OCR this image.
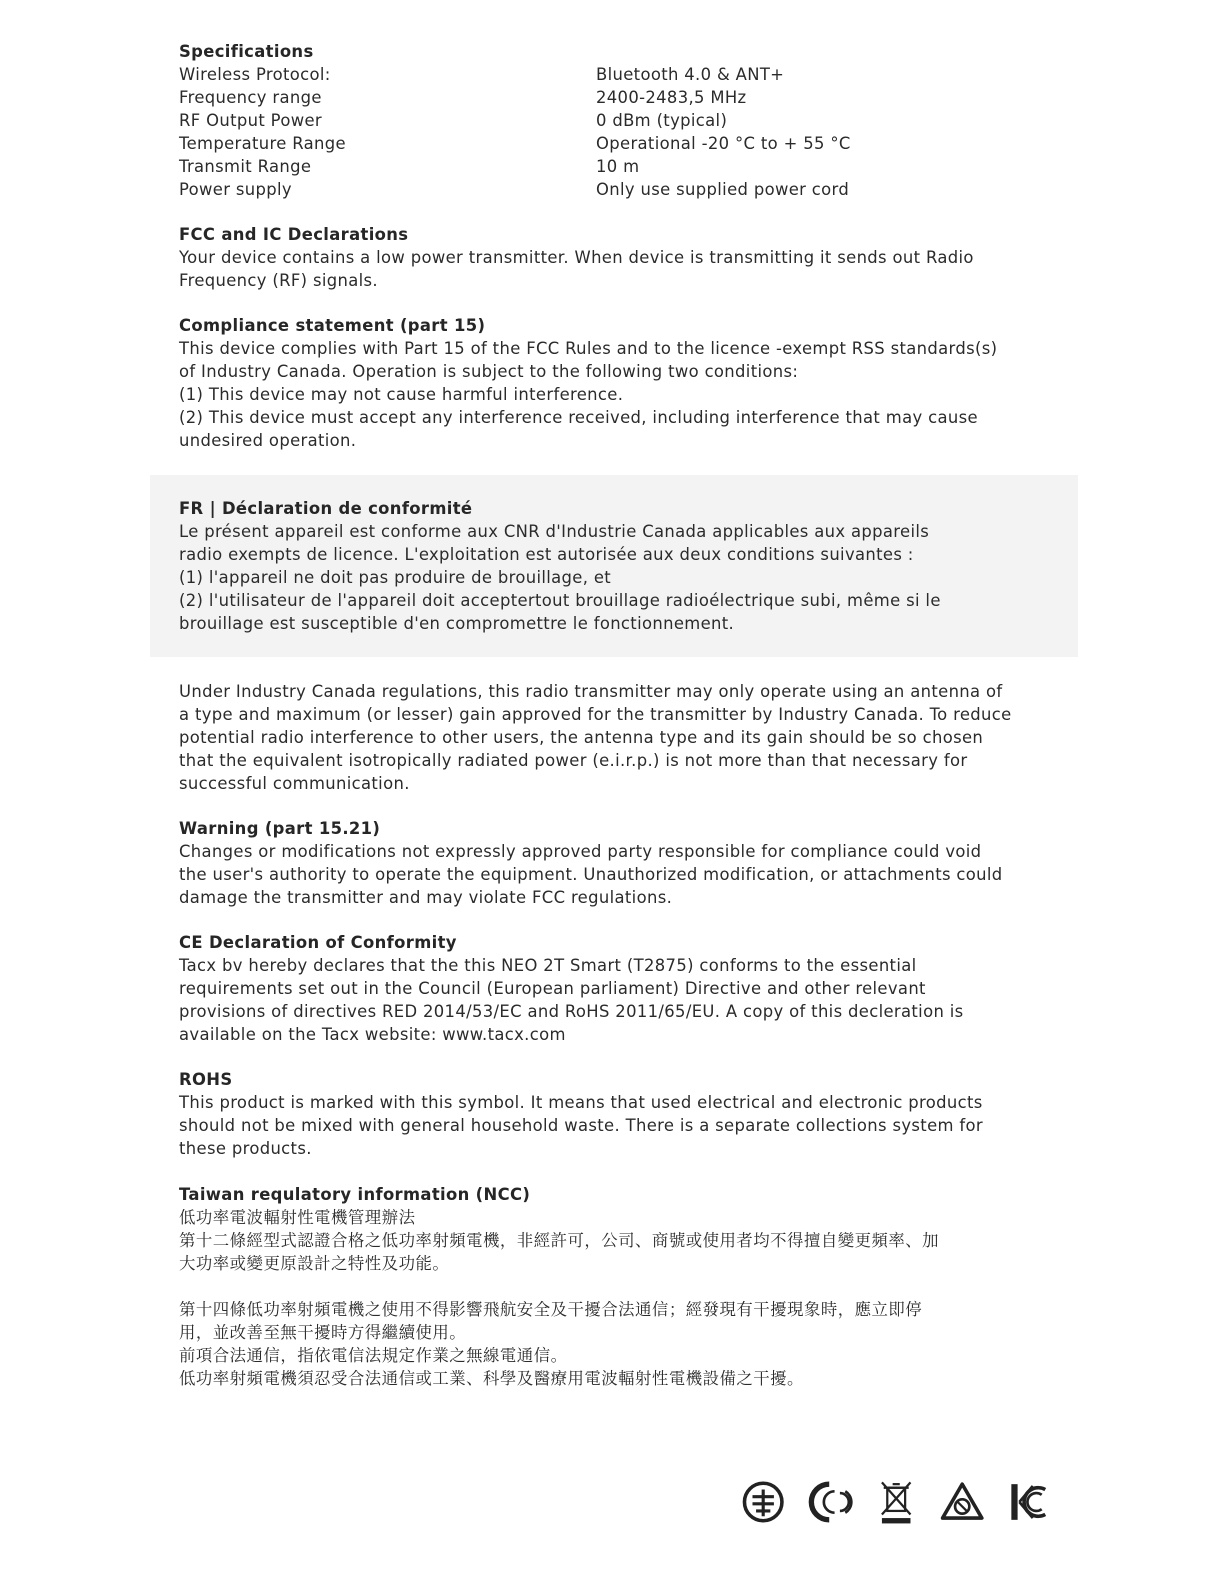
Specifications
Wireless Protocol:	Bluetooth 4.0 & ANT+
Frequency range	2400-2483,5 MHz
RF Output Power	0 dBm (typical)
Temperature Range	Operational -20 °C to + 55 °C
Transmit Range	10 m
Power supply	Only use supplied power cord
FCC and IC Declarations
Your device contains a low power transmitter. When device is transmitting it sends out Radio
Frequency (RF) signals.
Compliance statement (part 15)
This device complies with Part 15 of the FCC Rules and to the licence -exempt RSS standards(s)
of Industry Canada. Operation is subject to the following two conditions:
(1) This device may not cause harmful interference.
(2) This device must accept any interference received, including interference that may cause
undesired operation.
FR | Déclaration de conformité
Le présent appareil est conforme aux CNR d'Industrie Canada applicables aux appareils
radio exempts de licence. L'exploitation est autorisée aux deux conditions suivantes :
(1) l'appareil ne doit pas produire de brouillage, et
(2) l'utilisateur de l'appareil doit acceptertout brouillage radioélectrique subi, même si le
brouillage est susceptible d'en compromettre le fonctionnement.
Under Industry Canada regulations, this radio transmitter may only operate using an antenna of
a type and maximum (or lesser) gain approved for the transmitter by Industry Canada. To reduce
potential radio interference to other users, the antenna type and its gain should be so chosen
that the equivalent isotropically radiated power (e.i.r.p.) is not more than that necessary for
successful communication.
Warning (part 15.21)
Changes or modifications not expressly approved party responsible for compliance could void
the user's authority to operate the equipment. Unauthorized modification, or attachments could
damage the transmitter and may violate FCC regulations.
CE Declaration of Conformity
Tacx bv hereby declares that the this NEO 2T Smart (T2875) conforms to the essential
requirements set out in the Council (European parliament) Directive and other relevant
provisions of directives RED 2014/53/EC and RoHS 2011/65/EU. A copy of this decleration is
available on the Tacx website: www.tacx.com
ROHS
This product is marked with this symbol. It means that used electrical and electronic products
should not be mixed with general household waste. There is a separate collections system for
these products.
Taiwan requlatory information (NCC)
低功率電波輻射性電機管理辦法
第十二條經型式認證合格之低功率射頻電機，非經許可，公司、商號或使用者均不得擅自變更頻率、加
大功率或變更原設計之特性及功能。
第十四條低功率射頻電機之使用不得影響飛航安全及干擾合法通信；經發現有干擾現象時，應立即停
用，並改善至無干擾時方得繼續使用。
前項合法通信，指依電信法規定作業之無線電通信。
低功率射頻電機須忍受合法通信或工業、科學及醫療用電波輻射性電機設備之干擾。
